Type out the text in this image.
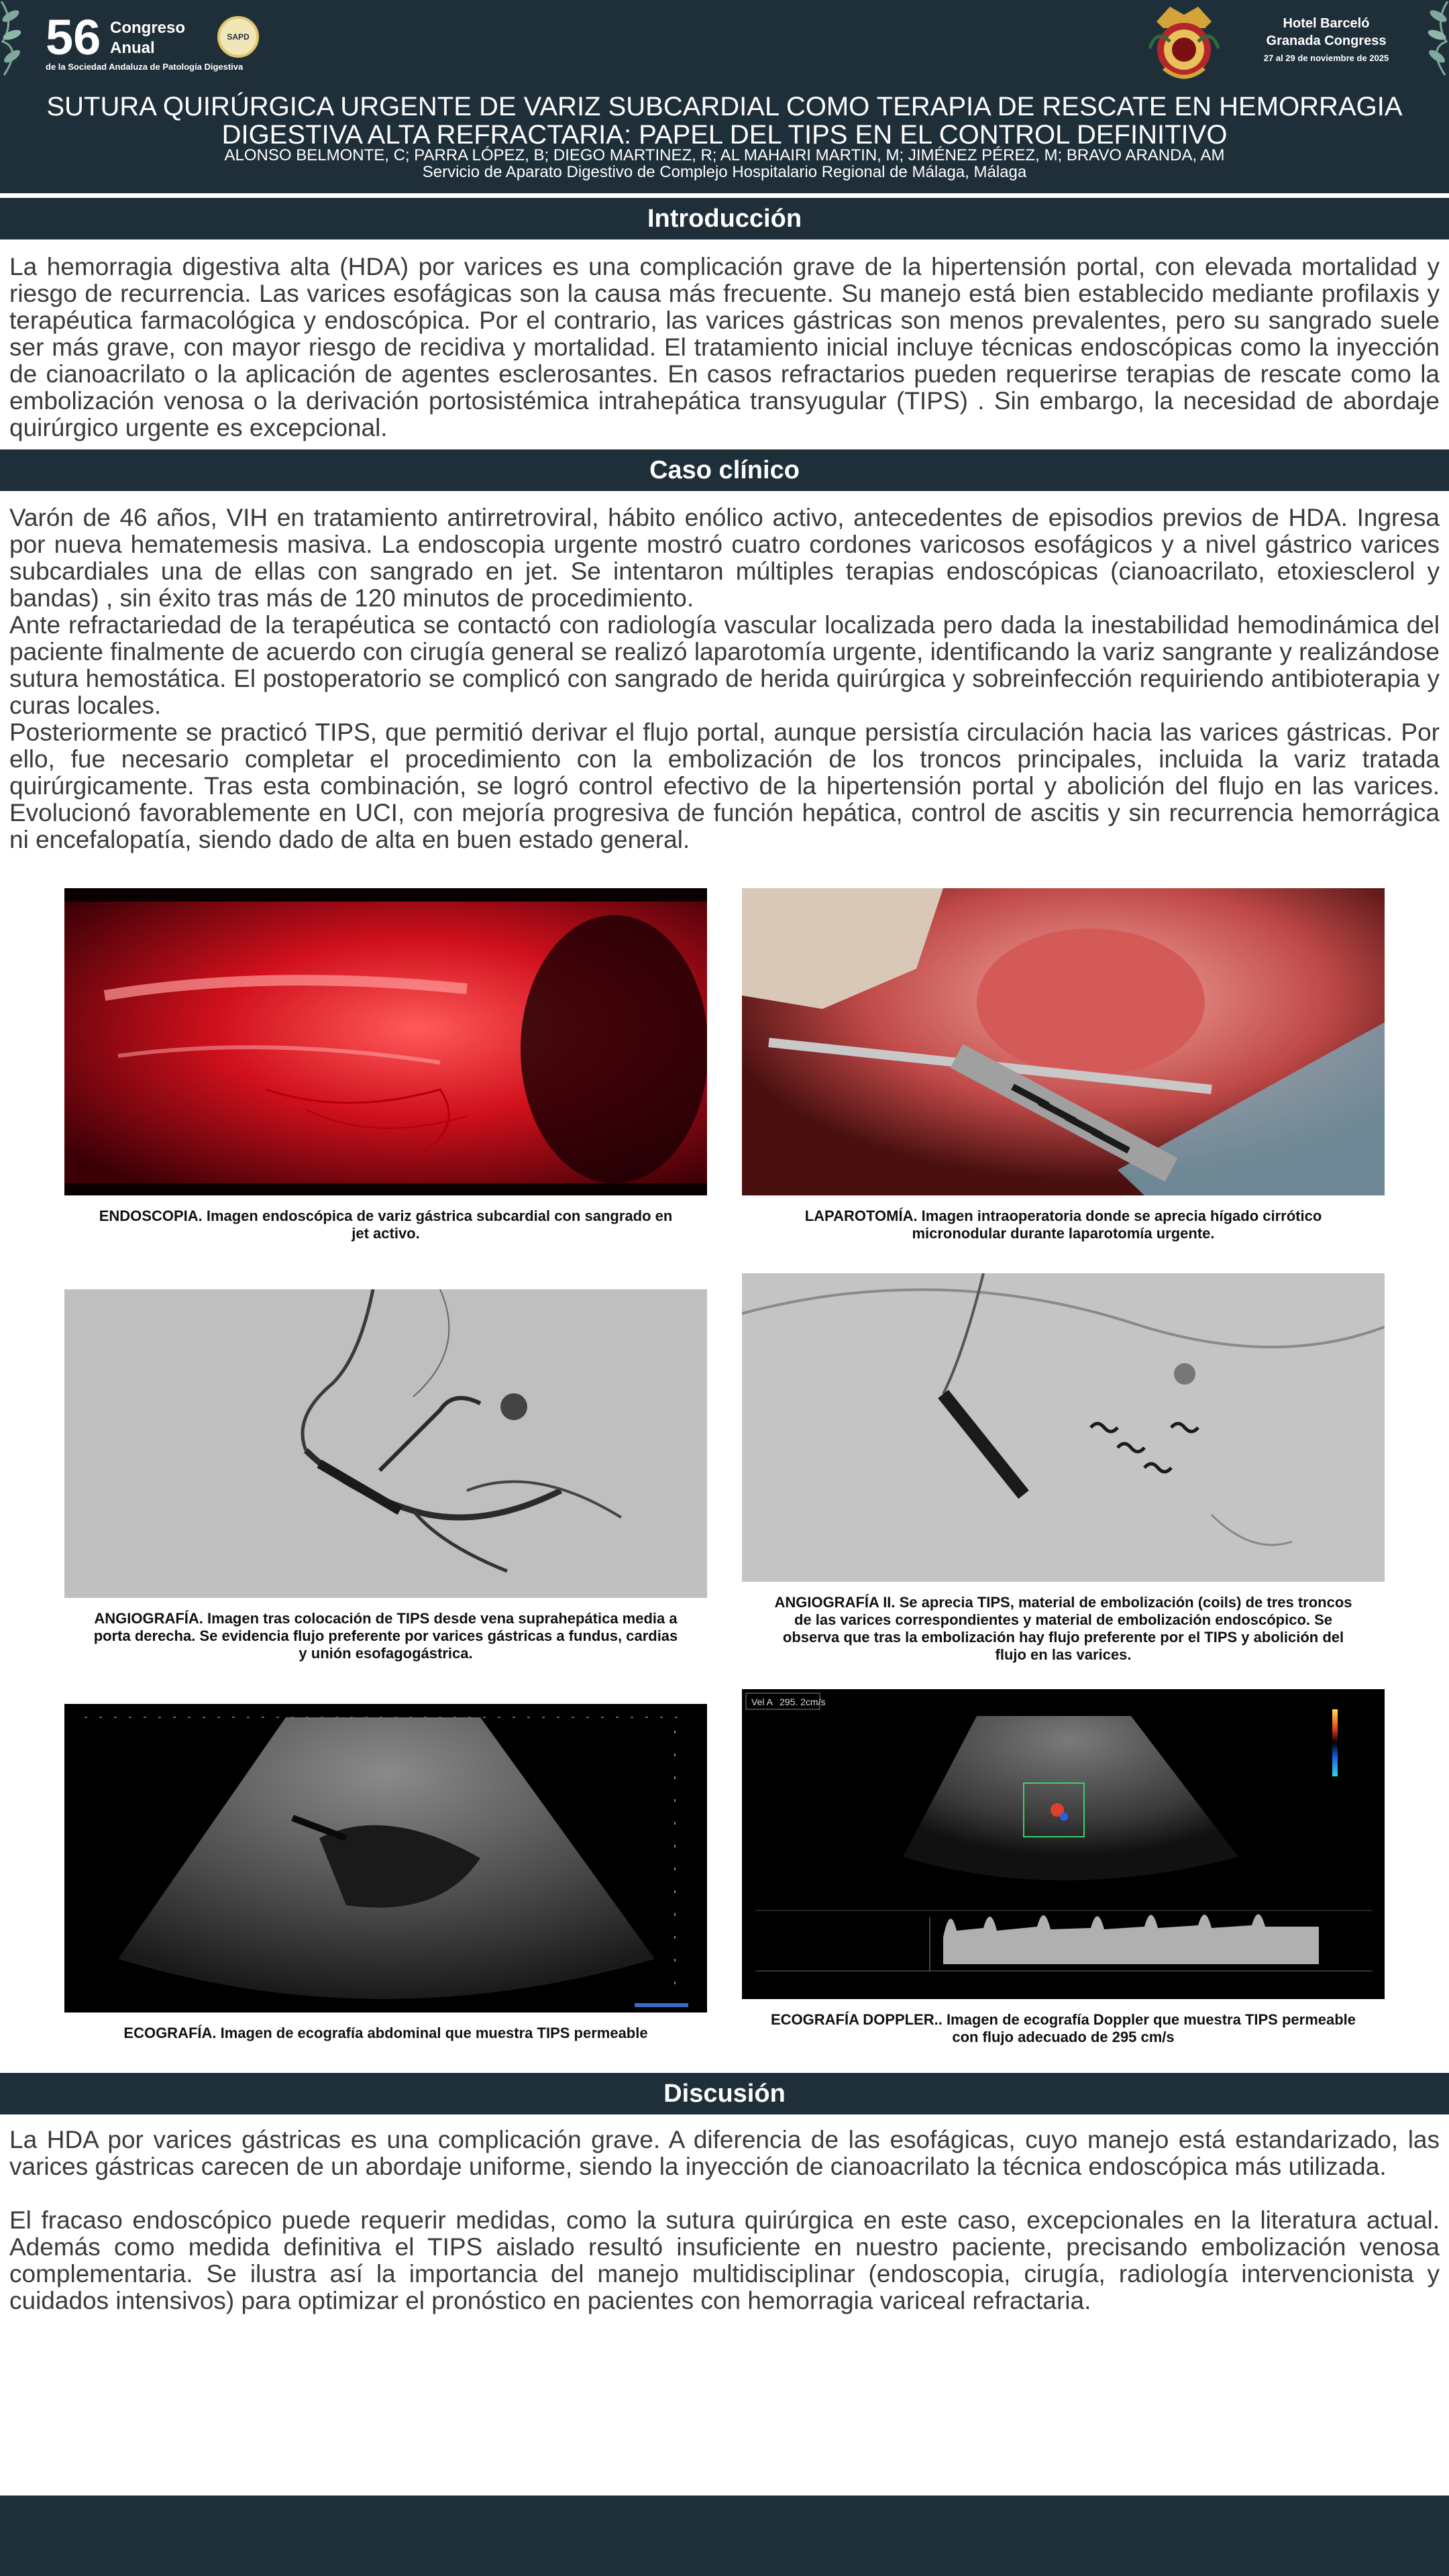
56 Congreso
Anual
de la Sociedad Andaluza de Patología Digestiva
SAPD
Hotel Barceló
Granada Congress
27 al 29 de noviembre de 2025
SUTURA QUIRÚRGICA URGENTE DE VARIZ SUBCARDIAL COMO TERAPIA DE RESCATE EN HEMORRAGIA DIGESTIVA ALTA REFRACTARIA: PAPEL DEL TIPS EN EL CONTROL DEFINITIVO
ALONSO BELMONTE, C; PARRA LÓPEZ, B; DIEGO MARTINEZ, R; AL MAHAIRI MARTIN, M; JIMÉNEZ PÉREZ, M; BRAVO ARANDA, AM
Servicio de Aparato Digestivo de Complejo Hospitalario Regional de Málaga, Málaga
Introducción

La hemorragia digestiva alta (HDA) por varices es una complicación grave de la hipertensión portal, con elevada mortalidad y riesgo de recurrencia. Las varices esofágicas son la causa más frecuente. Su manejo está bien establecido mediante profilaxis y terapéutica farmacológica y endoscópica. Por el contrario, las varices gástricas son menos prevalentes, pero su sangrado suele ser más grave, con mayor riesgo de recidiva y mortalidad. El tratamiento inicial incluye técnicas endoscópicas como la inyección de cianoacrilato o la aplicación de agentes esclerosantes. En casos refractarios pueden requerirse terapias de rescate como la embolización venosa o la derivación portosistémica intrahepática transyugular (TIPS) . Sin embargo, la necesidad de abordaje quirúrgico urgente es excepcional.

Caso clínico

Varón de 46 años, VIH en tratamiento antirretroviral, hábito enólico activo, antecedentes de episodios previos de HDA. Ingresa por nueva hematemesis masiva. La endoscopia urgente mostró cuatro cordones varicosos esofágicos y a nivel gástrico varices subcardiales una de ellas con sangrado en jet. Se intentaron múltiples terapias endoscópicas (cianoacrilato, etoxiesclerol y bandas) , sin éxito tras más de 120 minutos de procedimiento.

Ante refractariedad de la terapéutica se contactó con radiología vascular localizada pero dada la inestabilidad hemodinámica del paciente finalmente de acuerdo con cirugía general se realizó laparotomía urgente, identificando la variz sangrante y realizándose sutura hemostática. El postoperatorio se complicó con sangrado de herida quirúrgica y sobreinfección requiriendo antibioterapia y curas locales.

Posteriormente se practicó TIPS, que permitió derivar el flujo portal, aunque persistía circulación hacia las varices gástricas. Por ello, fue necesario completar el procedimiento con la embolización de los troncos principales, incluida la variz tratada quirúrgicamente. Tras esta combinación, se logró control efectivo de la hipertensión portal y abolición del flujo en las varices. Evolucionó favorablemente en UCI, con mejoría progresiva de función hepática, control de ascitis y sin recurrencia hemorrágica ni encefalopatía, siendo dado de alta en buen estado general.

ENDOSCOPIA. Imagen endoscópica de variz gástrica subcardial con sangrado en jet activo.
LAPAROTOMÍA. Imagen intraoperatoria donde se aprecia hígado cirrótico micronodular durante laparotomía urgente.
ANGIOGRAFÍA. Imagen tras colocación de TIPS desde vena suprahepática media a porta derecha. Se evidencia flujo preferente por varices gástricas a fundus, cardias y unión esofagogástrica.
ANGIOGRAFÍA II. Se aprecia TIPS, material de embolización (coils) de tres troncos de las varices correspondientes y material de embolización endoscópico. Se observa que tras la embolización hay flujo preferente por el TIPS y abolición del flujo en las varices.
ECOGRAFÍA. Imagen de ecografía abdominal que muestra TIPS permeable
Vel A 295. 2cm/s
ECOGRAFÍA DOPPLER.. Imagen de ecografía Doppler que muestra TIPS permeable con flujo adecuado de 295 cm/s
Discusión

La HDA por varices gástricas es una complicación grave. A diferencia de las esofágicas, cuyo manejo está estandarizado, las varices gástricas carecen de un abordaje uniforme, siendo la inyección de cianoacrilato la técnica endoscópica más utilizada.

El fracaso endoscópico puede requerir medidas, como la sutura quirúrgica en este caso, excepcionales en la literatura actual. Además como medida definitiva el TIPS aislado resultó insuficiente en nuestro paciente, precisando embolización venosa complementaria. Se ilustra así la importancia del manejo multidisciplinar (endoscopia, cirugía, radiología intervencionista y cuidados intensivos) para optimizar el pronóstico en pacientes con hemorragia variceal refractaria.
